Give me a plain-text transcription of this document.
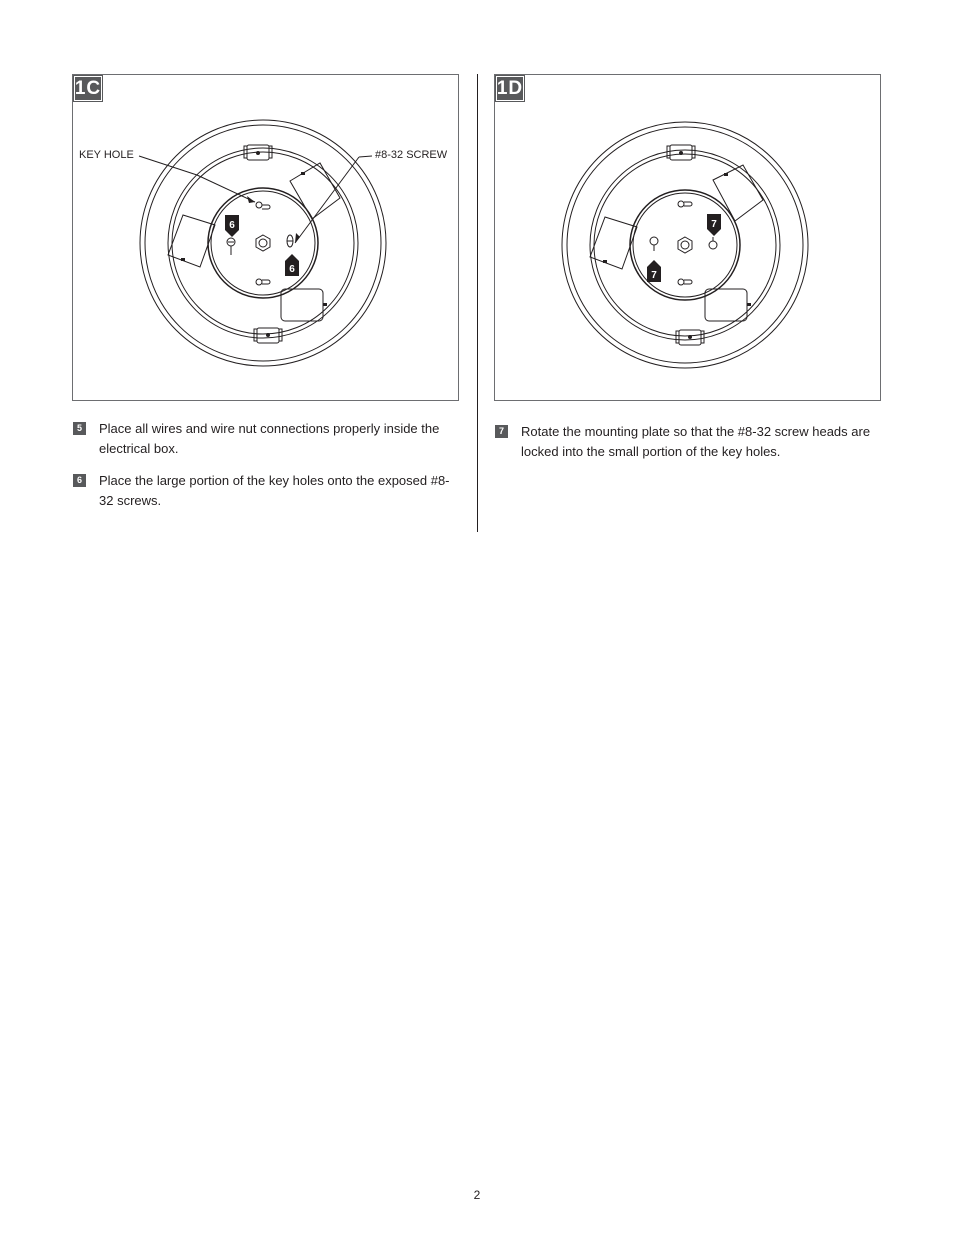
6
6
1C
KEY HOLE	#8-32 SCREW
7
7
1D
5	Place all wires and wire nut connections properly inside the electrical box.
6	Place the large portion of the key holes onto the exposed #8-32 screws.
7	Rotate the mounting plate so that the #8-32 screw heads are locked into the small portion of the key holes.
2
